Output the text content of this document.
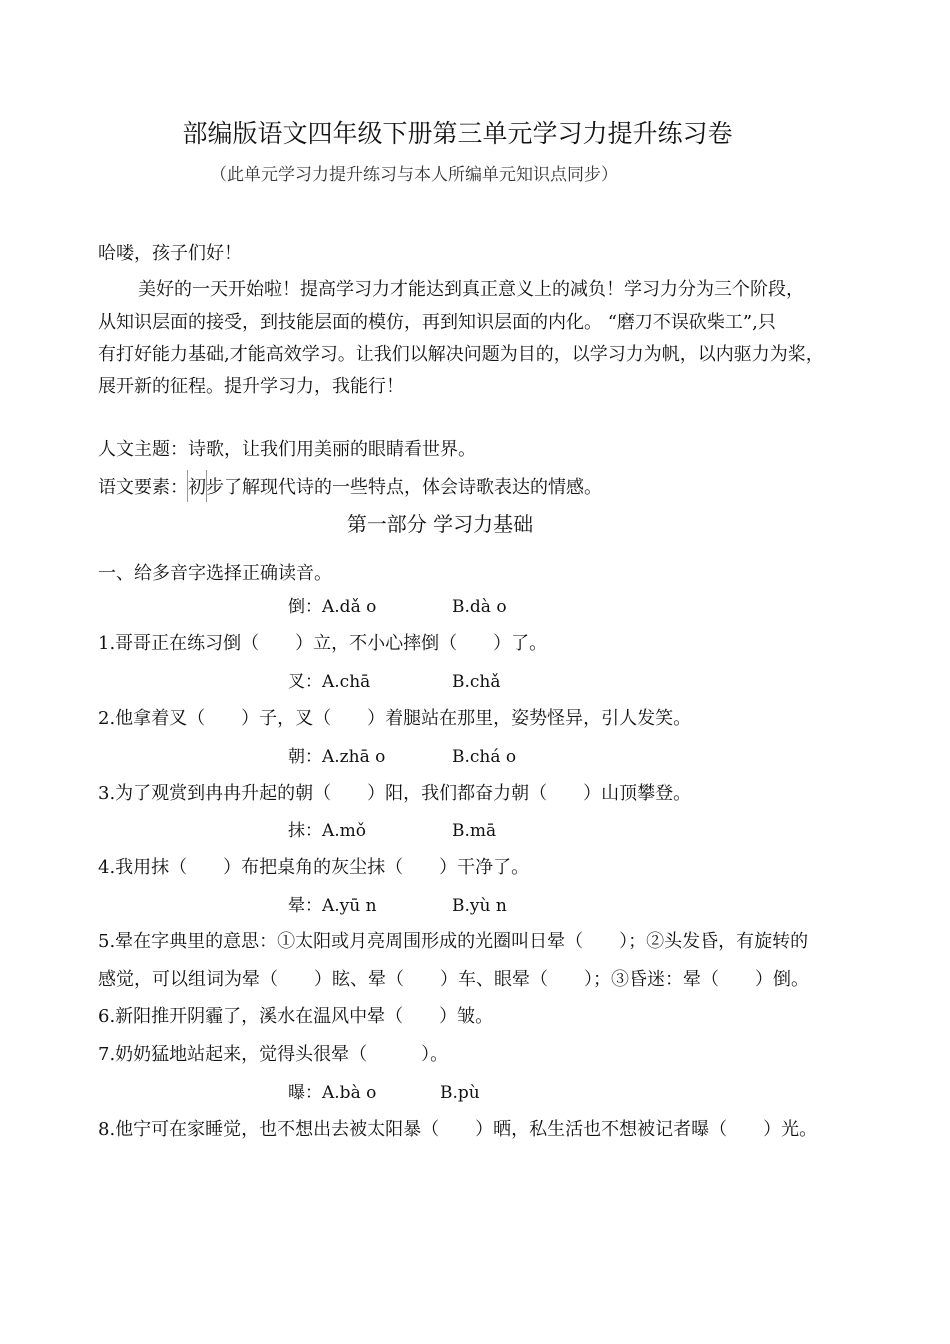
部编版语文四年级下册第三单元学习力提升练习卷
（此单元学习力提升练习与本人所编单元知识点同步）
哈喽，孩子们好！
美好的一天开始啦！提高学习力才能达到真正意义上的减负！学习力分为三个阶段，
从知识层面的接受，到技能层面的模仿，再到知识层面的内化。 “磨刀不误砍柴工”,只
有打好能力基础,才能高效学习。让我们以解决问题为目的，以学习力为帆，以内驱力为桨，
展开新的征程。提升学习力，我能行！
人文主题：诗歌，让我们用美丽的眼睛看世界。
语文要素：初步了解现代诗的一些特点，体会诗歌表达的情感。
第一部分 学习力基础
一、给多音字选择正确读音。
倒：A.dǎ o	B.dà o
1.哥哥正在练习倒（　　）立，不小心摔倒（　　）了。
叉：A.chā	B.chǎ
2.他拿着叉（　　）子，叉（　　）着腿站在那里，姿势怪异，引人发笑。
朝：A.zhā o	B.chá o
3.为了观赏到冉冉升起的朝（　　）阳，我们都奋力朝（　　）山顶攀登。
抹：A.mǒ	B.mā
4.我用抹（　　）布把桌角的灰尘抹（　　）干净了。
晕：A.yū n	B.yù n
5.晕在字典里的意思：①太阳或月亮周围形成的光圈叫日晕（　　）；②头发昏，有旋转的
感觉，可以组词为晕（　　）眩、晕（　　）车、眼晕（　　）；③昏迷：晕（　　）倒。
6.新阳推开阴霾了，溪水在温风中晕（　　）皱。
7.奶奶猛地站起来，觉得头很晕（　　　）。
曝：A.bà o	B.pù
8.他宁可在家睡觉，也不想出去被太阳暴（　　）晒，私生活也不想被记者曝（　　）光。
